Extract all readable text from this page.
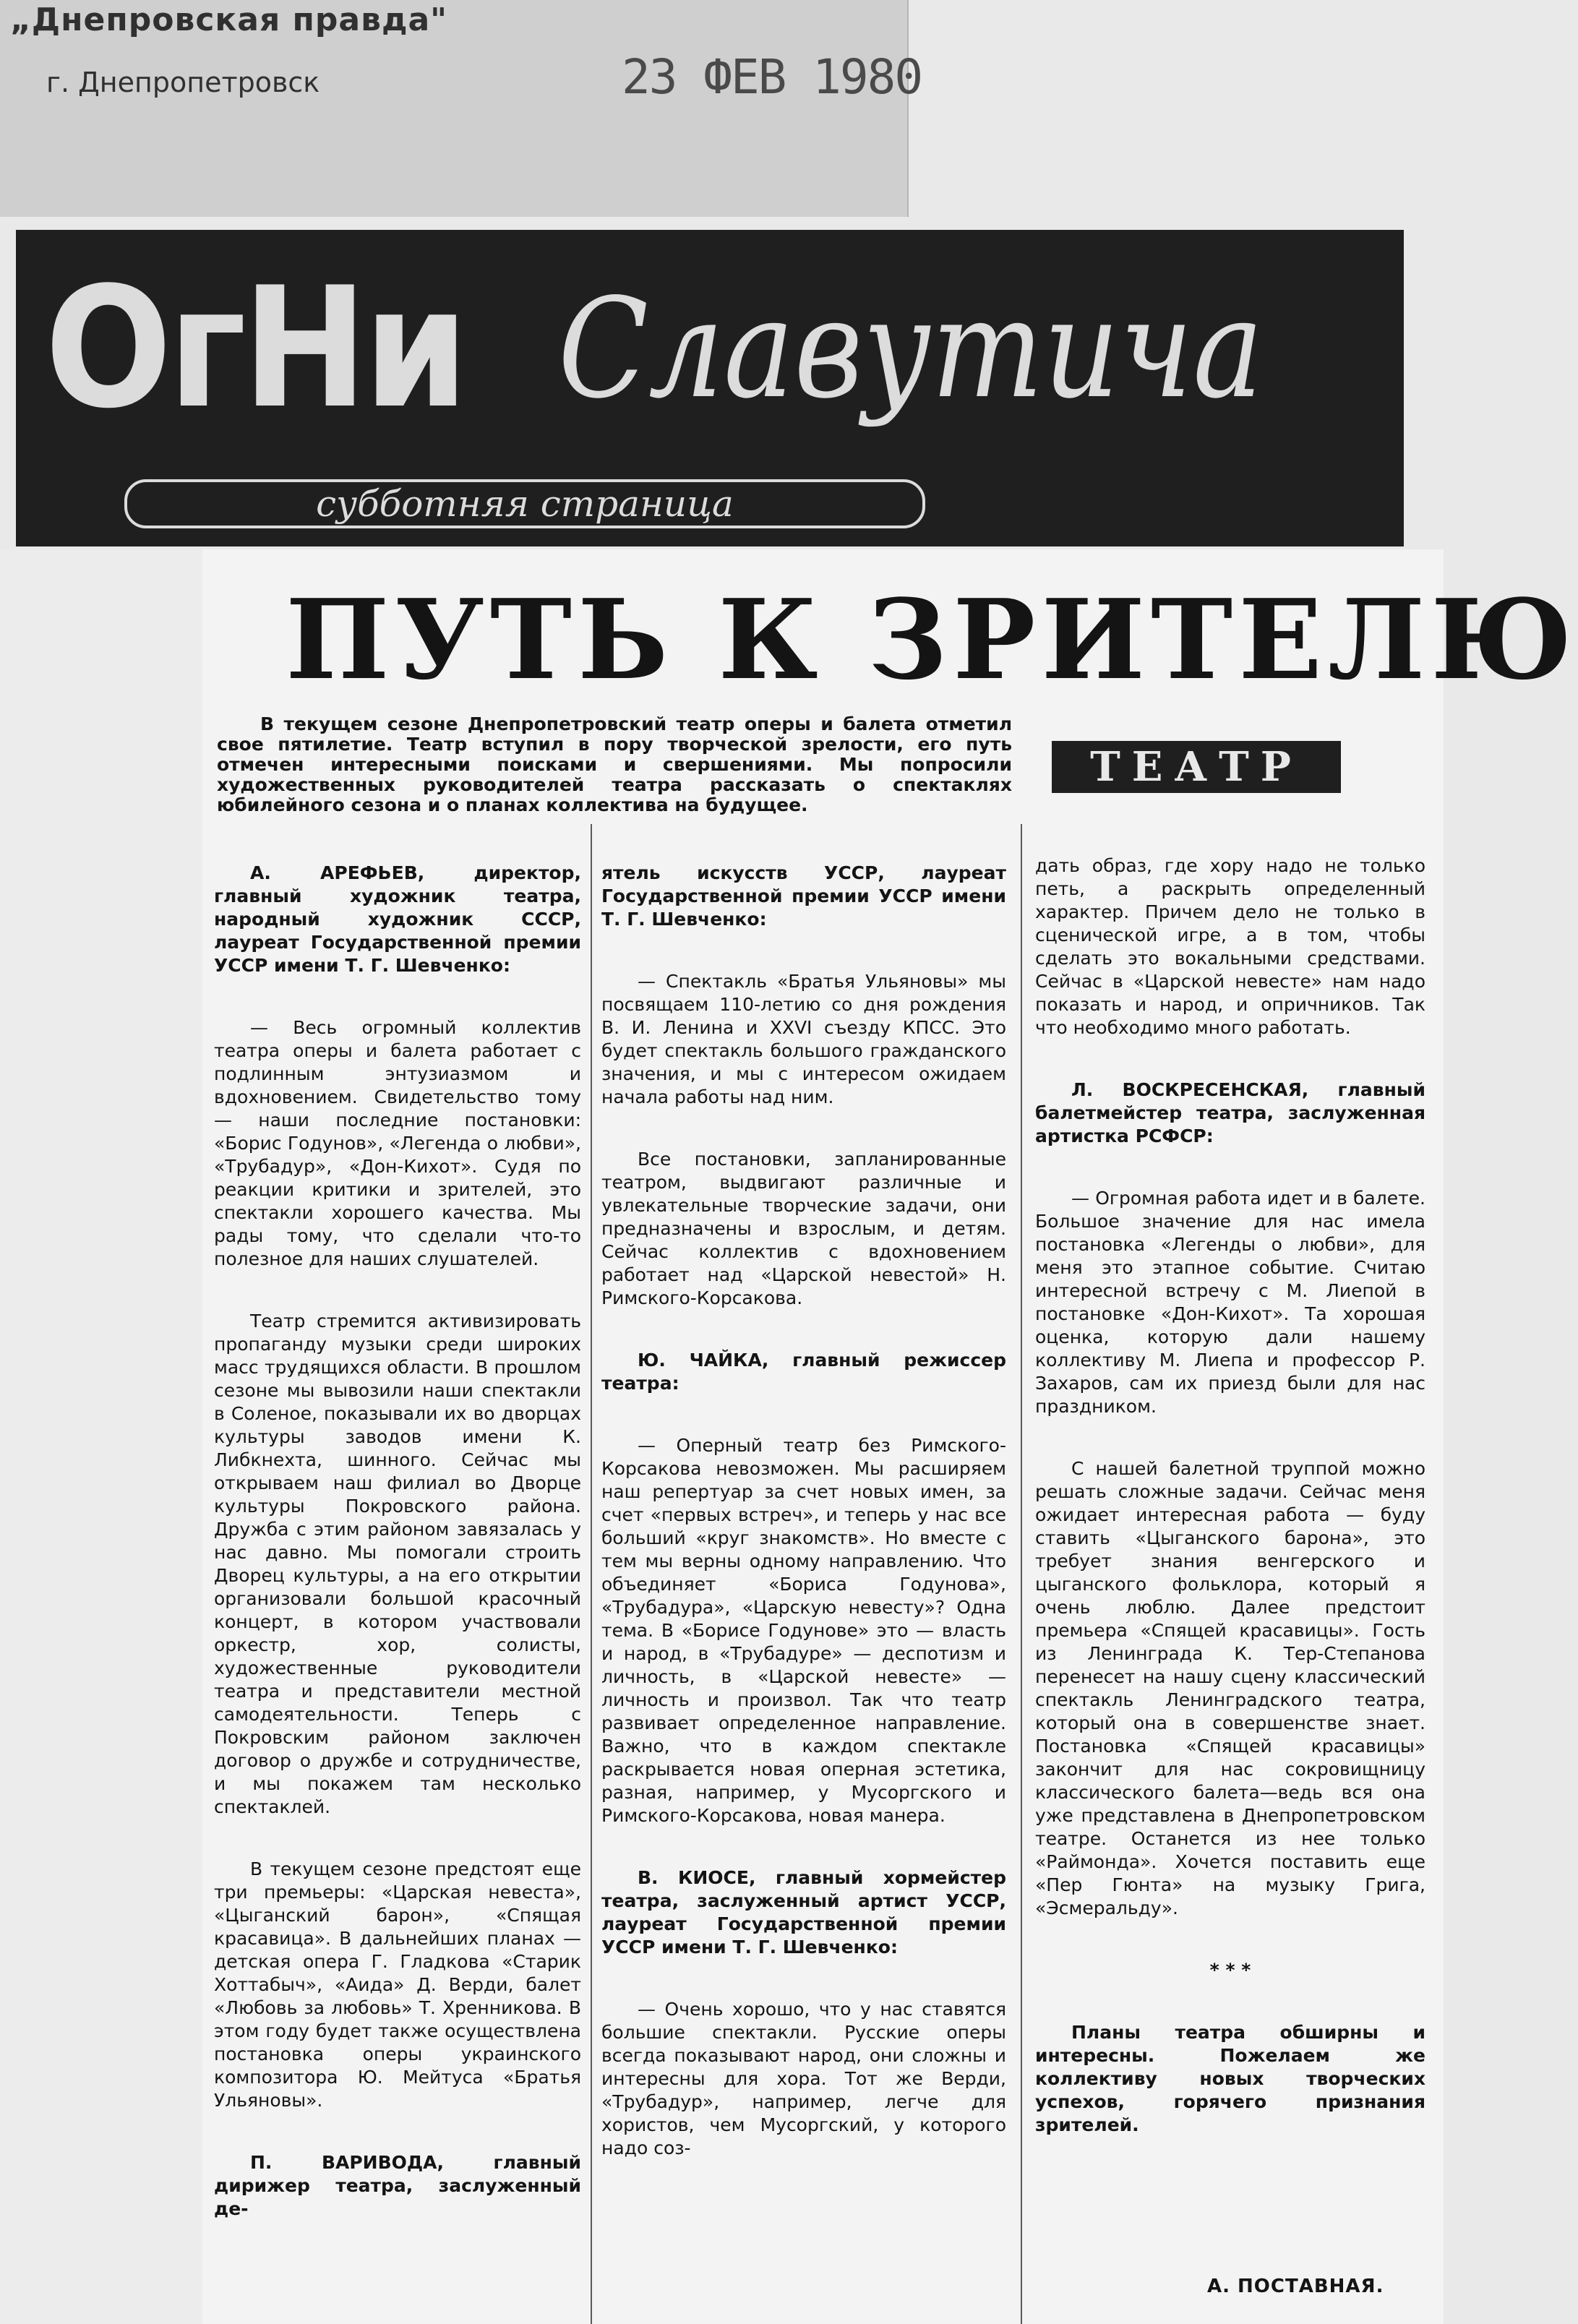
„Днепровская правда"
г. Днепропетровск	23 ФЕВ 1980
ОгНи Славутича
субботняя страница
ПУТЬ К ЗРИТЕЛЮ
В текущем сезоне Днепропетровский театр оперы и балета отметил свое пятилетие. Театр вступил в пору творческой зрелости, его путь отмечен интересными поисками и свершениями. Мы попросили художественных руководителей театра рассказать о спектаклях юбилейного сезона и о планах коллектива на будущее.
ТЕАТР

А. АРЕФЬЕВ, директор, главный художник театра, народный художник СССР, лауреат Государственной премии УССР имени Т. Г. Шевченко:

— Весь огромный коллектив театра оперы и балета работает с подлинным энтузиазмом и вдохновением. Свидетельство тому — наши последние постановки: «Борис Годунов», «Легенда о любви», «Трубадур», «Дон-Кихот». Судя по реакции критики и зрителей, это спектакли хорошего качества. Мы рады тому, что сделали что-то полезное для наших слушателей.

Театр стремится активизировать пропаганду музыки среди широких масс трудящихся области. В прошлом сезоне мы вывозили наши спектакли в Соленое, показывали их во дворцах культуры заводов имени К. Либкнехта, шинного. Сейчас мы открываем наш филиал во Дворце культуры Покровского района. Дружба с этим районом завязалась у нас давно. Мы помогали строить Дворец культуры, а на его открытии организовали большой красочный концерт, в котором участвовали оркестр, хор, солисты, художественные руководители театра и представители местной самодеятельности. Теперь с Покровским районом заключен договор о дружбе и сотрудничестве, и мы покажем там несколько спектаклей.

В текущем сезоне предстоят еще три премьеры: «Царская невеста», «Цыганский барон», «Спящая красавица». В дальнейших планах — детская опера Г. Гладкова «Старик Хоттабыч», «Аида» Д. Верди, балет «Любовь за любовь» Т. Хренникова. В этом году будет также осуществлена постановка оперы украинского композитора Ю. Мейтуса «Братья Ульяновы».

П. ВАРИВОДА, главный дирижер театра, заслуженный де-

ятель искусств УССР, лауреат Государственной премии УССР имени Т. Г. Шевченко:

— Спектакль «Братья Ульяновы» мы посвящаем 110-летию со дня рождения В. И. Ленина и XXVI съезду КПСС. Это будет спектакль большого гражданского значения, и мы с интересом ожидаем начала работы над ним.

Все постановки, запланированные театром, выдвигают различные и увлекательные творческие задачи, они предназначены и взрослым, и детям. Сейчас коллектив с вдохновением работает над «Царской невестой» Н. Римского-Корсакова.

Ю. ЧАЙКА, главный режиссер театра:

— Оперный театр без Римского-Корсакова невозможен. Мы расширяем наш репертуар за счет новых имен, за счет «первых встреч», и теперь у нас все больший «круг знакомств». Но вместе с тем мы верны одному направлению. Что объединяет «Бориса Годунова», «Трубадура», «Царскую невесту»? Одна тема. В «Борисе Годунове» это — власть и народ, в «Трубадуре» — деспотизм и личность, в «Царской невесте» — личность и произвол. Так что театр развивает определенное направление. Важно, что в каждом спектакле раскрывается новая оперная эстетика, разная, например, у Мусоргского и Римского-Корсакова, новая манера.

В. КИОСЕ, главный хормейстер театра, заслуженный артист УССР, лауреат Государственной премии УССР имени Т. Г. Шевченко:

— Очень хорошо, что у нас ставятся большие спектакли. Русские оперы всегда показывают народ, они сложны и интересны для хора. Тот же Верди, «Трубадур», например, легче для хористов, чем Мусоргский, у которого надо соз-

дать образ, где хору надо не только петь, а раскрыть определенный характер. Причем дело не только в сценической игре, а в том, чтобы сделать это вокальными средствами. Сейчас в «Царской невесте» нам надо показать и народ, и опричников. Так что необходимо много работать.

Л. ВОСКРЕСЕНСКАЯ, главный балетмейстер театра, заслуженная артистка РСФСР:

— Огромная работа идет и в балете. Большое значение для нас имела постановка «Легенды о любви», для меня это этапное событие. Считаю интересной встречу с М. Лиепой в постановке «Дон-Кихот». Та хорошая оценка, которую дали нашему коллективу М. Лиепа и профессор Р. Захаров, сам их приезд были для нас праздником.

С нашей балетной труппой можно решать сложные задачи. Сейчас меня ожидает интересная работа — буду ставить «Цыганского барона», это требует знания венгерского и цыганского фольклора, который я очень люблю. Далее предстоит премьера «Спящей красавицы». Гость из Ленинграда К. Тер-Степанова перенесет на нашу сцену классический спектакль Ленинградского театра, который она в совершенстве знает. Постановка «Спящей красавицы» закончит для нас сокровищницу классического балета—ведь вся она уже представлена в Днепропетровском театре. Останется из нее только «Раймонда». Хочется поставить еще «Пер Гюнта» на музыку Грига, «Эсмеральду».

* * *

Планы театра обширны и интересны. Пожелаем же коллективу новых творческих успехов, горячего признания зрителей.

А. ПОСТАВНАЯ.
